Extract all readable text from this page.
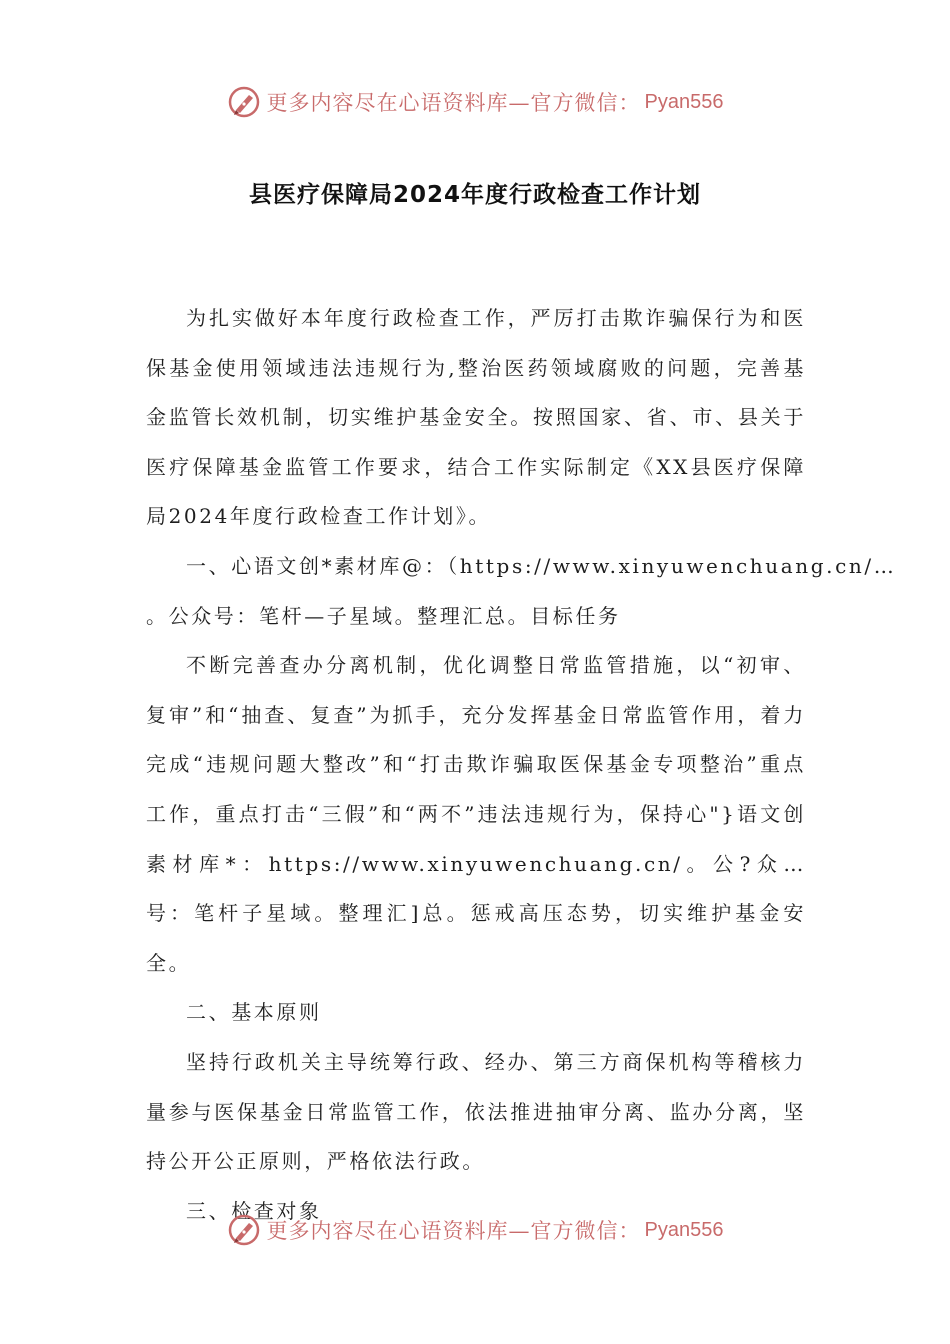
更多内容尽在心语资料库—官方微信： Pyan556
县医疗保障局2024年度行政检查工作计划

为扎实做好本年度行政检查工作，严厉打击欺诈骗保行为和医保基金使用领域违法违规行为,整治医药领域腐败的问题，完善基金监管长效机制，切实维护基金安全。按照国家、省、市、县关于医疗保障基金监管工作要求，结合工作实际制定《XX县医疗保障局2024年度行政检查工作计划》。

一、心语文创*素材库@：（https://www.xinyuwenchuang.cn/…

。公众号：笔杆—子星域。整理汇总。目标任务

不断完善查办分离机制，优化调整日常监管措施，以“初审、复审”和“抽查、复查”为抓手，充分发挥基金日常监管作用，着力完成“违规问题大整改”和“打击欺诈骗取医保基金专项整治”重点工作，重点打击“三假”和“两不”违法违规行为，保持心"}语文创素材库*：https://www.xinyuwenchuang.cn/。公?众…号：笔杆子星域。整理汇]总。惩戒高压态势，切实维护基金安全。

二、基本原则

坚持行政机关主导统筹行政、经办、第三方商保机构等稽核力量参与医保基金日常监管工作，依法推进抽审分离、监办分离，坚持公开公正原则，严格依法行政。

三、检查对象

更多内容尽在心语资料库—官方微信： Pyan556
